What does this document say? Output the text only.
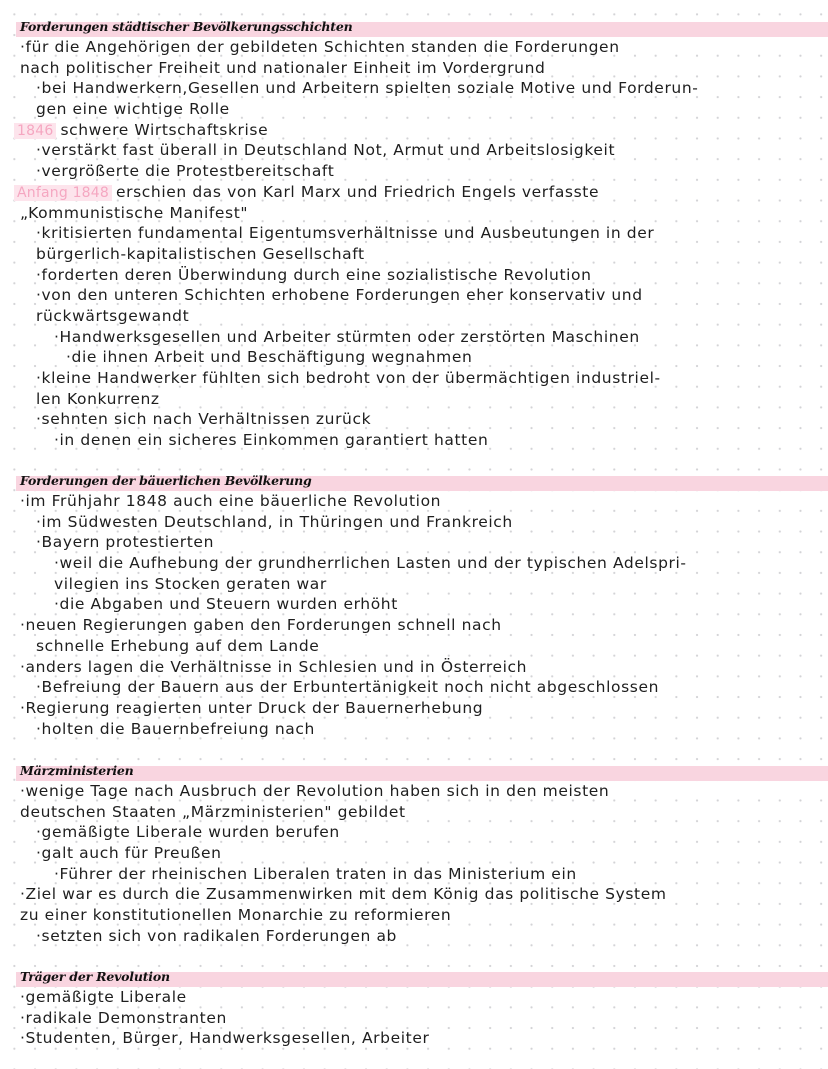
Forderungen städtischer Bevölkerungsschichten
·für die Angehörigen der gebildeten Schichten standen die Forderungen
nach politischer Freiheit und nationaler Einheit im Vordergrund
·bei Handwerkern,Gesellen und Arbeitern spielten soziale Motive und Forderun-
gen eine wichtige Rolle
1846 schwere Wirtschaftskrise
·verstärkt fast überall in Deutschland Not, Armut und Arbeitslosigkeit
·vergrößerte die Protestbereitschaft
Anfang 1848 erschien das von Karl Marx und Friedrich Engels verfasste
„Kommunistische Manifest"
·kritisierten fundamental Eigentumsverhältnisse und Ausbeutungen in der
bürgerlich-kapitalistischen Gesellschaft
·forderten deren Überwindung durch eine sozialistische Revolution
·von den unteren Schichten erhobene Forderungen eher konservativ und
rückwärtsgewandt
·Handwerksgesellen und Arbeiter stürmten oder zerstörten Maschinen
·die ihnen Arbeit und Beschäftigung wegnahmen
·kleine Handwerker fühlten sich bedroht von der übermächtigen industriel-
len Konkurrenz
·sehnten sich nach Verhältnissen zurück
·in denen ein sicheres Einkommen garantiert hatten
Forderungen der bäuerlichen Bevölkerung
·im Frühjahr 1848 auch eine bäuerliche Revolution
·im Südwesten Deutschland, in Thüringen und Frankreich
·Bayern protestierten
·weil die Aufhebung der grundherrlichen Lasten und der typischen Adelspri-
vilegien ins Stocken geraten war
·die Abgaben und Steuern wurden erhöht
·neuen Regierungen gaben den Forderungen schnell nach
schnelle Erhebung auf dem Lande
·anders lagen die Verhältnisse in Schlesien und in Österreich
·Befreiung der Bauern aus der Erbuntertänigkeit noch nicht abgeschlossen
·Regierung reagierten unter Druck der Bauernerhebung
·holten die Bauernbefreiung nach
Märzministerien
·wenige Tage nach Ausbruch der Revolution haben sich in den meisten
deutschen Staaten „Märzministerien" gebildet
·gemäßigte Liberale wurden berufen
·galt auch für Preußen
·Führer der rheinischen Liberalen traten in das Ministerium ein
·Ziel war es durch die Zusammenwirken mit dem König das politische System
zu einer konstitutionellen Monarchie zu reformieren
·setzten sich von radikalen Forderungen ab
Träger der Revolution
·gemäßigte Liberale
·radikale Demonstranten
·Studenten, Bürger, Handwerksgesellen, Arbeiter
